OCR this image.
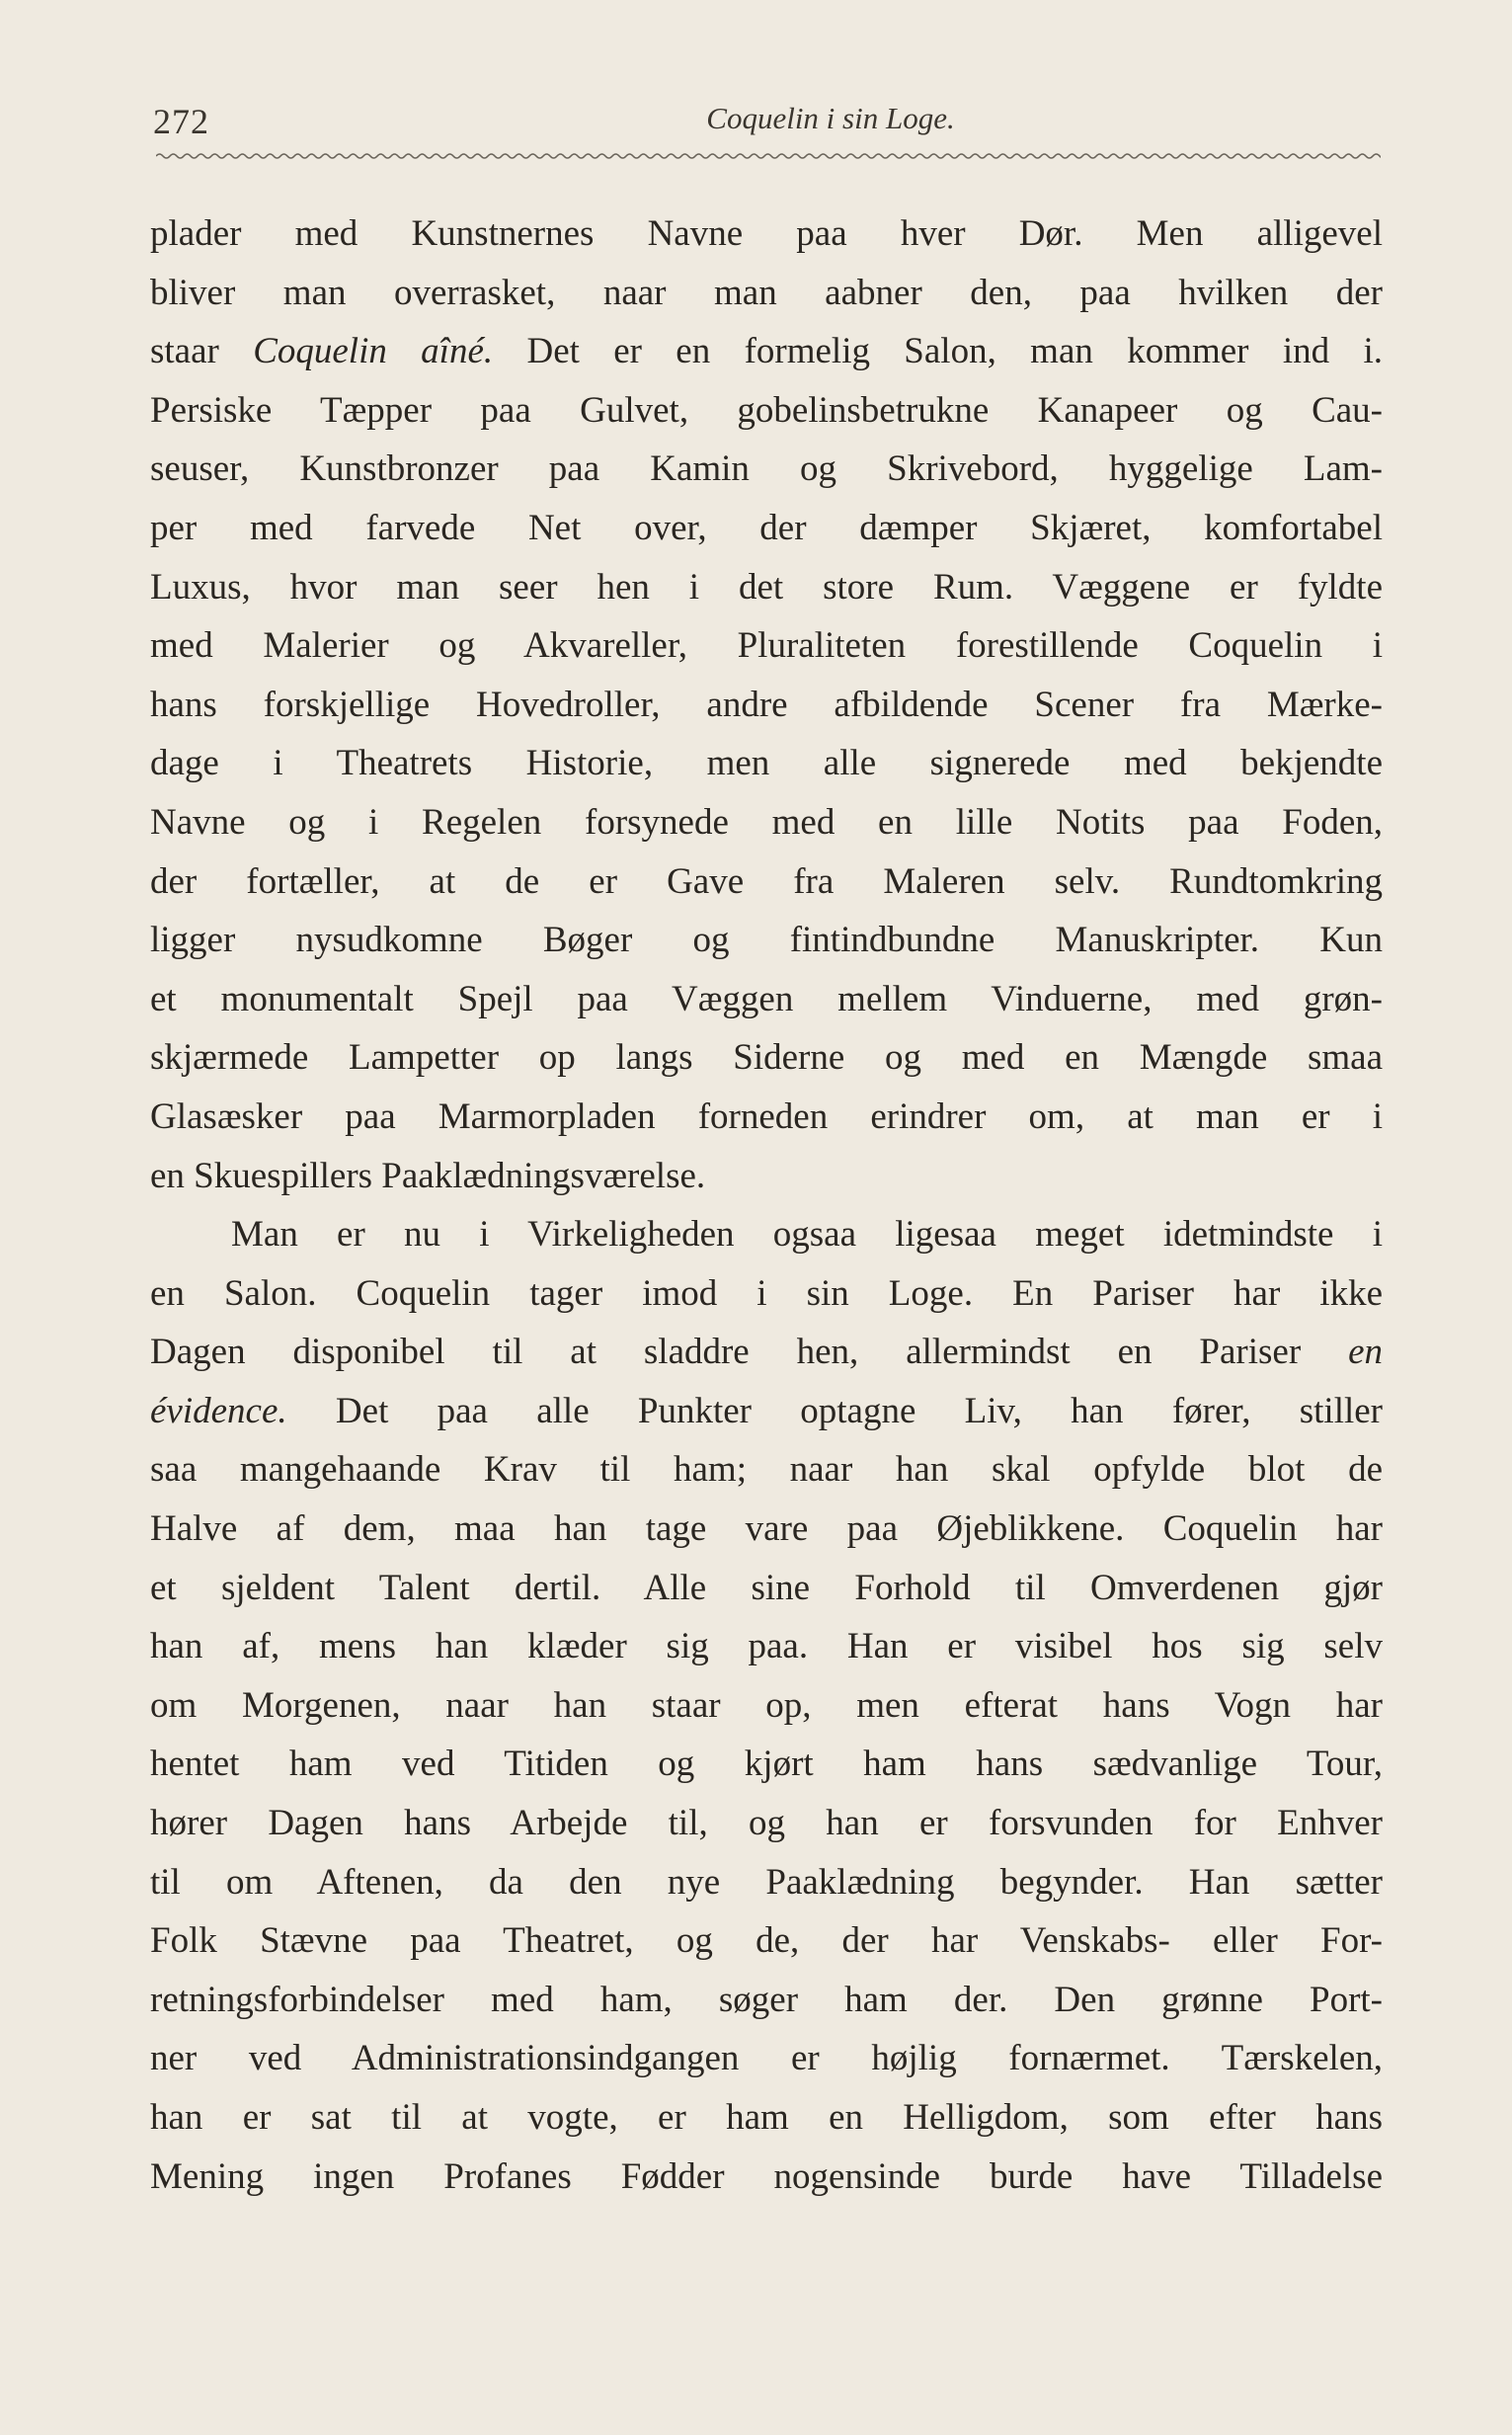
272	Coquelin i sin Loge.
plader med Kunstnernes Navne paa hver Dør. Men alligevel
bliver man overrasket, naar man aabner den, paa hvilken der
staar Coquelin aîné. Det er en formelig Salon, man kommer ind i.
Persiske Tæpper paa Gulvet, gobelinsbetrukne Kanapeer og Cau-
seuser, Kunstbronzer paa Kamin og Skrivebord, hyggelige Lam-
per med farvede Net over, der dæmper Skjæret, komfortabel
Luxus, hvor man seer hen i det store Rum. Væggene er fyldte
med Malerier og Akvareller, Pluraliteten forestillende Coquelin i
hans forskjellige Hovedroller, andre afbildende Scener fra Mærke-
dage i Theatrets Historie, men alle signerede med bekjendte
Navne og i Regelen forsynede med en lille Notits paa Foden,
der fortæller, at de er Gave fra Maleren selv. Rundtomkring
ligger nysudkomne Bøger og fintindbundne Manuskripter. Kun
et monumentalt Spejl paa Væggen mellem Vinduerne, med grøn-
skjærmede Lampetter op langs Siderne og med en Mængde smaa
Glasæsker paa Marmorpladen forneden erindrer om, at man er i
en Skuespillers Paaklædningsværelse.
Man er nu i Virkeligheden ogsaa ligesaa meget idetmindste i
en Salon. Coquelin tager imod i sin Loge. En Pariser har ikke
Dagen disponibel til at sladdre hen, allermindst en Pariser en
évidence. Det paa alle Punkter optagne Liv, han fører, stiller
saa mangehaande Krav til ham; naar han skal opfylde blot de
Halve af dem, maa han tage vare paa Øjeblikkene. Coquelin har
et sjeldent Talent dertil. Alle sine Forhold til Omverdenen gjør
han af, mens han klæder sig paa. Han er visibel hos sig selv
om Morgenen, naar han staar op, men efterat hans Vogn har
hentet ham ved Titiden og kjørt ham hans sædvanlige Tour,
hører Dagen hans Arbejde til, og han er forsvunden for Enhver
til om Aftenen, da den nye Paaklædning begynder. Han sætter
Folk Stævne paa Theatret, og de, der har Venskabs- eller For-
retningsforbindelser med ham, søger ham der. Den grønne Port-
ner ved Administrationsindgangen er højlig fornærmet. Tærskelen,
han er sat til at vogte, er ham en Helligdom, som efter hans
Mening ingen Profanes Fødder nogensinde burde have Tilladelse
